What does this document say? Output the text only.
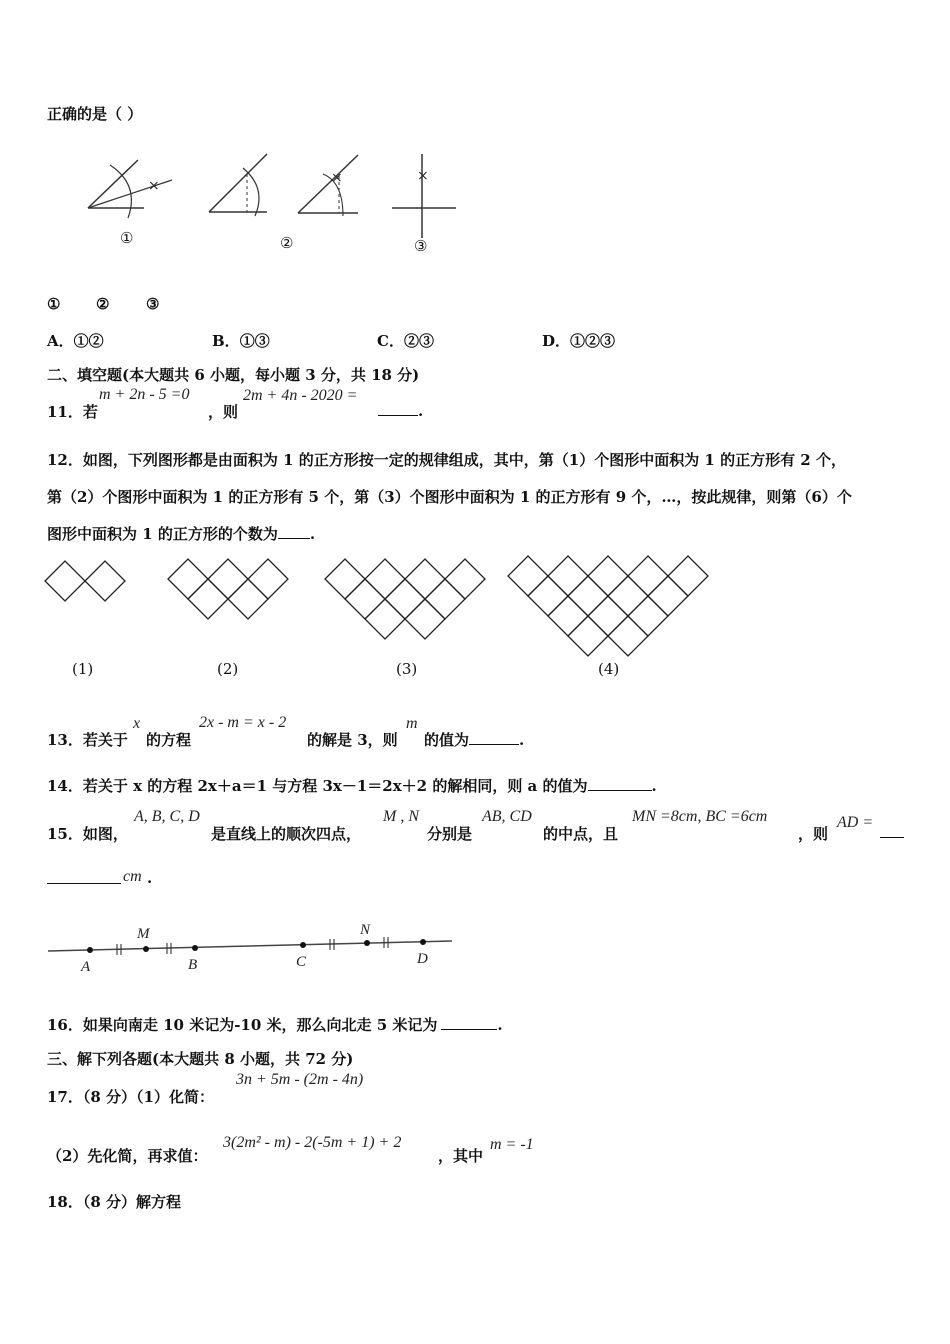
正确的是（ ）
×
①	②
×	×
③
① ② ③
A．①②	B．①③	C．②③	D．①②③
二、填空题(本大题共 6 小题，每小题 3 分，共 18 分)
11．若
m + 2n - 5 =0
，则
2m + 4n - 2020 =
.
12．如图，下列图形都是由面积为 1 的正方形按一定的规律组成，其中，第（1）个图形中面积为 1 的正方形有 2 个，
第（2）个图形中面积为 1 的正方形有 5 个，第（3）个图形中面积为 1 的正方形有 9 个，…，按此规律，则第（6）个
图形中面积为 1 的正方形的个数为 .
(1)	(2)	(3)	(4)
13．若关于
x
的方程
2x - m = x - 2
的解是 3，则
m
的值为	.
14．若关于 x 的方程 2x＋a＝1 与方程 3x－1＝2x＋2 的解相同，则 a 的值为	.
15．如图，
A, B, C, D
是直线上的顺次四点，
M , N
分别是
AB, CD
的中点，且
MN =8cm, BC =6cm
，则
AD =
cm .
A
M
B	C
N
D
16．如果向南走 10 米记为-10 米，那么向北走 5 米记为	.
三、解下列各题(本大题共 8 小题，共 72 分)
17．（8 分）（1）化简：
3n + 5m - (2m - 4n)
（2）先化简，再求值：
3(2m² - m) - 2(-5m + 1) + 2
，其中
m = -1
18．（8 分）解方程
